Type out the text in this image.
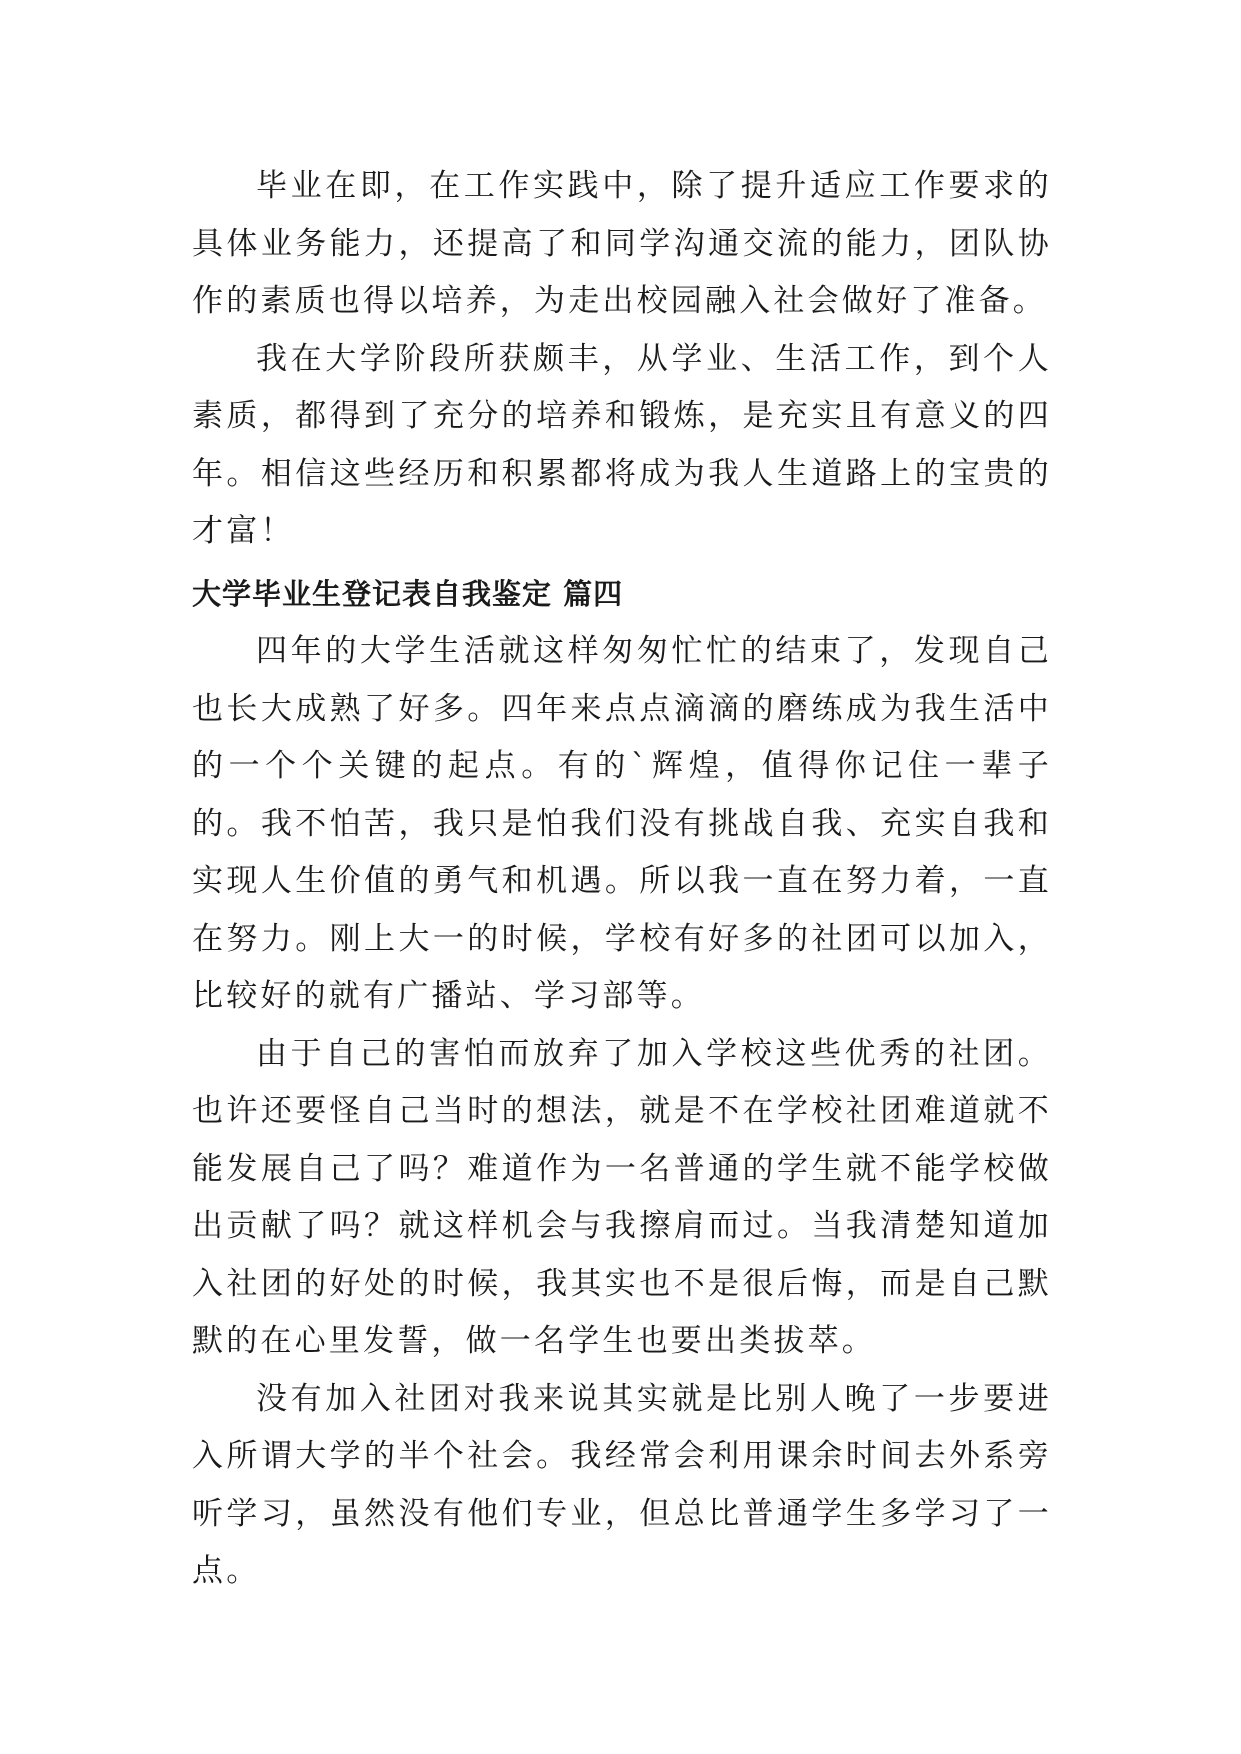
毕业在即，在工作实践中，除了提升适应工作要求的具体业务能力，还提高了和同学沟通交流的能力，团队协作的素质也得以培养，为走出校园融入社会做好了准备。

我在大学阶段所获颇丰，从学业、生活工作，到个人素质，都得到了充分的培养和锻炼，是充实且有意义的四年。相信这些经历和积累都将成为我人生道路上的宝贵的才富！

大学毕业生登记表自我鉴定 篇四

四年的大学生活就这样匆匆忙忙的结束了，发现自己也长大成熟了好多。四年来点点滴滴的磨练成为我生活中的一个个关键的起点。有的`辉煌，值得你记住一辈子的。我不怕苦，我只是怕我们没有挑战自我、充实自我和实现人生价值的勇气和机遇。所以我一直在努力着，一直在努力。刚上大一的时候，学校有好多的社团可以加入，比较好的就有广播站、学习部等。

由于自己的害怕而放弃了加入学校这些优秀的社团。也许还要怪自己当时的想法，就是不在学校社团难道就不能发展自己了吗？难道作为一名普通的学生就不能学校做出贡献了吗？就这样机会与我擦肩而过。当我清楚知道加入社团的好处的时候，我其实也不是很后悔，而是自己默默的在心里发誓，做一名学生也要出类拔萃。

没有加入社团对我来说其实就是比别人晚了一步要进入所谓大学的半个社会。我经常会利用课余时间去外系旁听学习，虽然没有他们专业，但总比普通学生多学习了一点。
